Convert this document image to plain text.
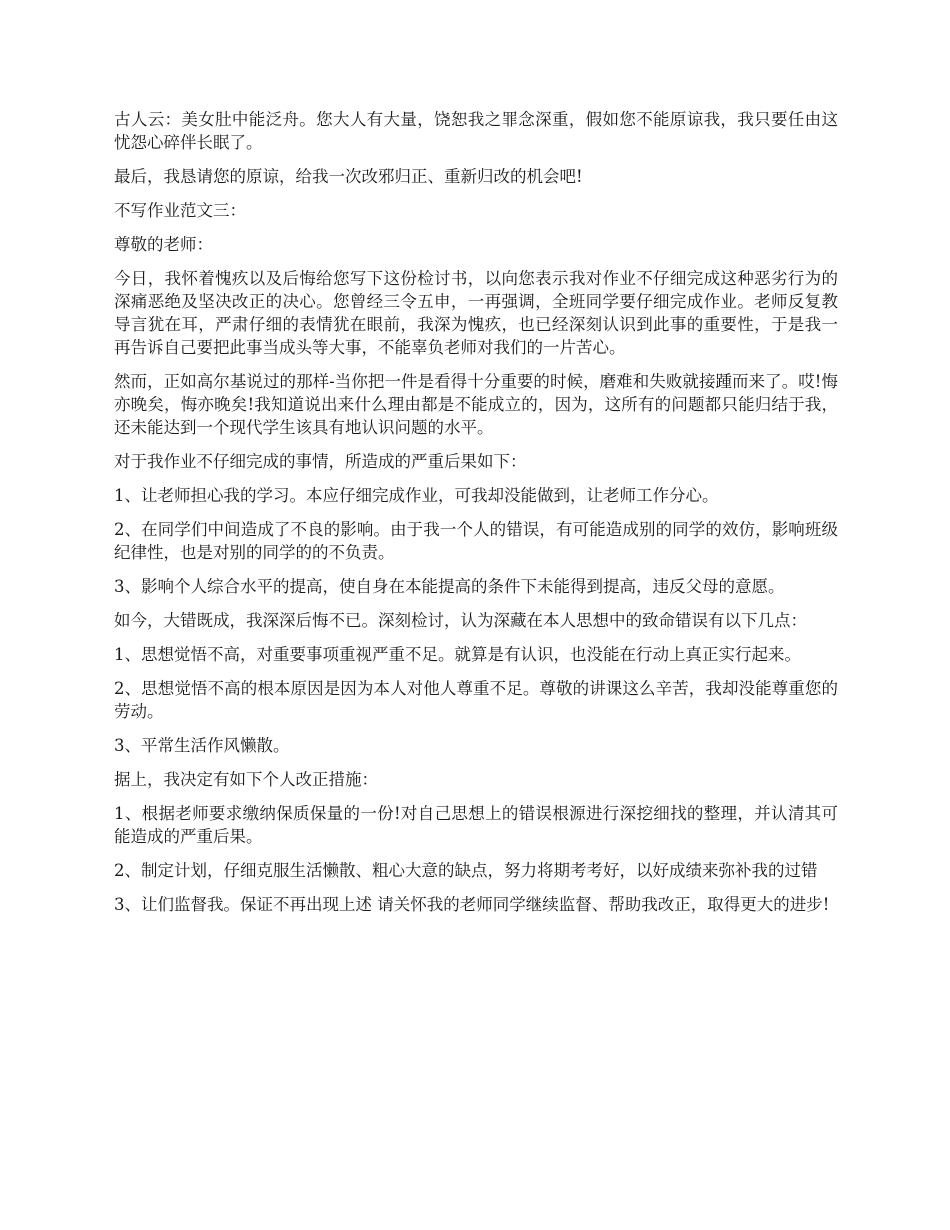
古人云：美女肚中能泛舟。您大人有大量，饶恕我之罪念深重，假如您不能原谅我，我只要任由这忧怨心碎伴长眠了。

最后，我恳请您的原谅，给我一次改邪归正、重新归改的机会吧!

不写作业范文三：

尊敬的老师：

今日，我怀着愧疚以及后悔给您写下这份检讨书，以向您表示我对作业不仔细完成这种恶劣行为的深痛恶绝及坚决改正的决心。您曾经三令五申，一再强调，全班同学要仔细完成作业。老师反复教导言犹在耳，严肃仔细的表情犹在眼前，我深为愧疚，也已经深刻认识到此事的重要性，于是我一再告诉自己要把此事当成头等大事，不能辜负老师对我们的一片苦心。

然而，正如高尔基说过的那样-当你把一件是看得十分重要的时候，磨难和失败就接踵而来了。哎!悔亦晚矣，悔亦晚矣!我知道说出来什么理由都是不能成立的，因为，这所有的问题都只能归结于我，还未能达到一个现代学生该具有地认识问题的水平。

对于我作业不仔细完成的事情，所造成的严重后果如下：

1、让老师担心我的学习。本应仔细完成作业，可我却没能做到，让老师工作分心。

2、在同学们中间造成了不良的影响。由于我一个人的错误，有可能造成别的同学的效仿，影响班级纪律性，也是对别的同学的的不负责。

3、影响个人综合水平的提高，使自身在本能提高的条件下未能得到提高，违反父母的意愿。

如今，大错既成，我深深后悔不已。深刻检讨，认为深藏在本人思想中的致命错误有以下几点：

1、思想觉悟不高，对重要事项重视严重不足。就算是有认识，也没能在行动上真正实行起来。

2、思想觉悟不高的根本原因是因为本人对他人尊重不足。尊敬的讲课这么辛苦，我却没能尊重您的劳动。

3、平常生活作风懒散。

据上，我决定有如下个人改正措施：

1、根据老师要求缴纳保质保量的一份!对自己思想上的错误根源进行深挖细找的整理，并认清其可能造成的严重后果。

2、制定计划，仔细克服生活懒散、粗心大意的缺点，努力将期考考好，以好成绩来弥补我的过错

3、让们监督我。保证不再出现上述 请关怀我的老师同学继续监督、帮助我改正，取得更大的进步!
